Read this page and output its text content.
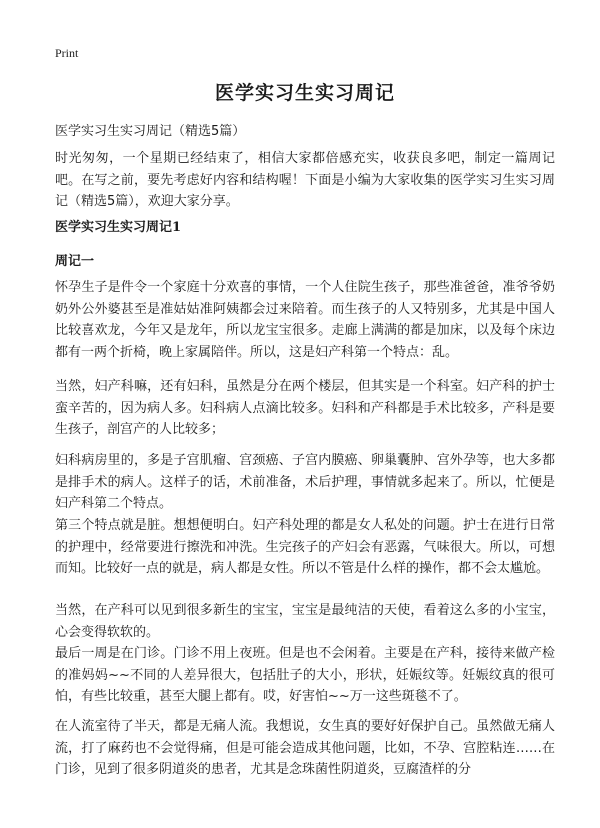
Print
医学实习生实习周记

医学实习生实习周记（精选5篇）

时光匆匆，一个星期已经结束了，相信大家都倍感充实，收获良多吧，制定一篇周记吧。在写之前，要先考虑好内容和结构喔！下面是小编为大家收集的医学实习生实习周记（精选5篇），欢迎大家分享。

医学实习生实习周记1
周记一

怀孕生子是件令一个家庭十分欢喜的事情，一个人住院生孩子，那些准爸爸，准爷爷奶奶外公外婆甚至是准姑姑准阿姨都会过来陪着。而生孩子的人又特别多，尤其是中国人比较喜欢龙，今年又是龙年，所以龙宝宝很多。走廊上满满的都是加床，以及每个床边都有一两个折椅，晚上家属陪伴。所以，这是妇产科第一个特点：乱。

当然，妇产科嘛，还有妇科，虽然是分在两个楼层，但其实是一个科室。妇产科的护士蛮辛苦的，因为病人多。妇科病人点滴比较多。妇科和产科都是手术比较多，产科是要生孩子，剖宫产的人比较多；

妇科病房里的，多是子宫肌瘤、宫颈癌、子宫内膜癌、卵巢囊肿、宫外孕等，也大多都是排手术的病人。这样子的话，术前准备，术后护理，事情就多起来了。所以，忙便是妇产科第二个特点。

第三个特点就是脏。想想便明白。妇产科处理的都是女人私处的问题。护士在进行日常的护理中，经常要进行擦洗和冲洗。生完孩子的产妇会有恶露，气味很大。所以，可想而知。比较好一点的就是，病人都是女性。所以不管是什么样的操作，都不会太尴尬。

当然，在产科可以见到很多新生的宝宝，宝宝是最纯洁的天使，看着这么多的小宝宝，心会变得软软的。

最后一周是在门诊。门诊不用上夜班。但是也不会闲着。主要是在产科，接待来做产检的准妈妈~~不同的人差异很大，包括肚子的大小，形状，妊娠纹等。妊娠纹真的很可怕，有些比较重，甚至大腿上都有。哎，好害怕~~万一这些斑毯不了。

在人流室待了半天，都是无痛人流。我想说，女生真的要好好保护自己。虽然做无痛人流，打了麻药也不会觉得痛，但是可能会造成其他问题，比如，不孕、宫腔粘连……在门诊，见到了很多阴道炎的患者，尤其是念珠菌性阴道炎，豆腐渣样的分
